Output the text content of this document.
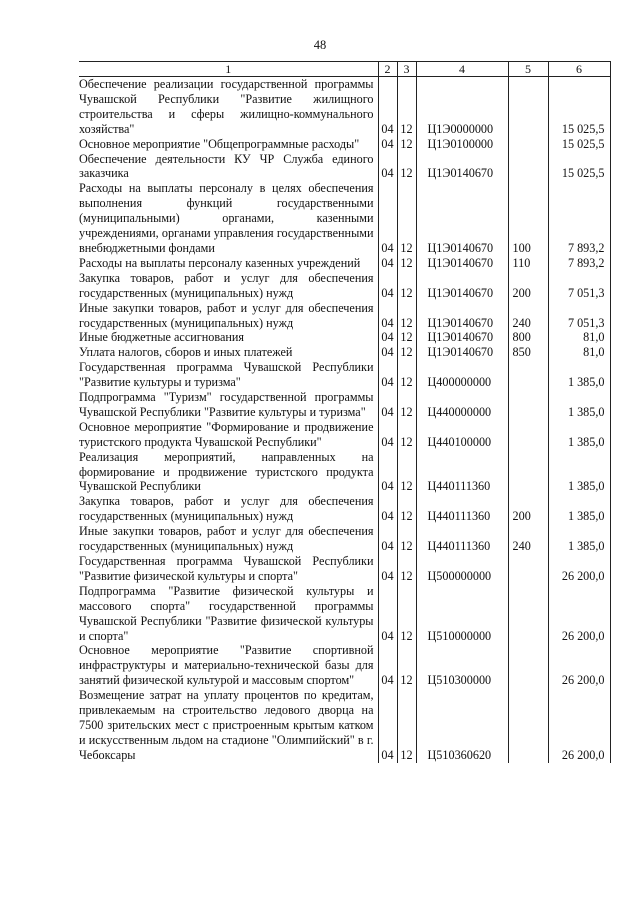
48
1	2	3	4	5	6
Обеспечение реализации государственной программы Чувашской Республики "Развитие жилищного строительства и сферы жилищно-коммунального хозяйства"	04	12	Ц1Э0000000		15 025,5
Основное мероприятие "Общепрограммные расходы"	04	12	Ц1Э0100000		15 025,5
Обеспечение деятельности КУ ЧР Служба единого заказчика	04	12	Ц1Э0140670		15 025,5
Расходы на выплаты персоналу в целях обеспечения выполнения функций государственными (муниципальными) органами, казенными учреждениями, органами управления государственными внебюджетными фондами	04	12	Ц1Э0140670	100	7 893,2
Расходы на выплаты персоналу казенных учреждений	04	12	Ц1Э0140670	110	7 893,2
Закупка товаров, работ и услуг для обеспечения государственных (муниципальных) нужд	04	12	Ц1Э0140670	200	7 051,3
Иные закупки товаров, работ и услуг для обеспечения государственных (муниципальных) нужд	04	12	Ц1Э0140670	240	7 051,3
Иные бюджетные ассигнования	04	12	Ц1Э0140670	800	81,0
Уплата налогов, сборов и иных платежей	04	12	Ц1Э0140670	850	81,0
Государственная программа Чувашской Республики "Развитие культуры и туризма"	04	12	Ц400000000		1 385,0
Подпрограмма "Туризм" государственной программы Чувашской Республики "Развитие культуры и туризма"	04	12	Ц440000000		1 385,0
Основное мероприятие "Формирование и продвижение туристского продукта Чувашской Республики"	04	12	Ц440100000		1 385,0
Реализация мероприятий, направленных на формирование и продвижение туристского продукта Чувашской Республики	04	12	Ц440111360		1 385,0
Закупка товаров, работ и услуг для обеспечения государственных (муниципальных) нужд	04	12	Ц440111360	200	1 385,0
Иные закупки товаров, работ и услуг для обеспечения государственных (муниципальных) нужд	04	12	Ц440111360	240	1 385,0
Государственная программа Чувашской Республики "Развитие физической культуры и спорта"	04	12	Ц500000000		26 200,0
Подпрограмма "Развитие физической культуры и массового спорта" государственной программы Чувашской Республики "Развитие физической культуры и спорта"	04	12	Ц510000000		26 200,0
Основное мероприятие "Развитие спортивной инфраструктуры и материально-технической базы для занятий физической культурой и массовым спортом"	04	12	Ц510300000		26 200,0
Возмещение затрат на уплату процентов по кредитам, привлекаемым на строительство ледового дворца на 7500 зрительских мест с пристроенным крытым катком и искусственным льдом на стадионе "Олимпийский" в г. Чебоксары	04	12	Ц510360620		26 200,0
